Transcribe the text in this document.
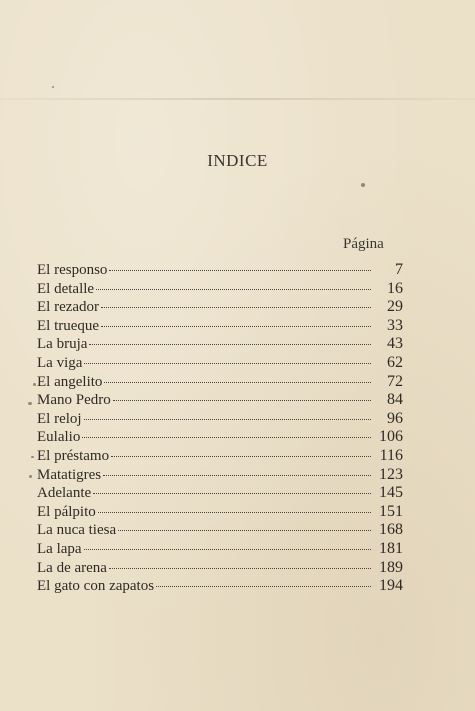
INDICE
Página
El responso	7
El detalle	16
El rezador	29
El trueque	33
La bruja	43
La viga	62
El angelito	72
Mano Pedro	84
El reloj	96
Eulalio	106
El préstamo	116
Matatigres	123
Adelante	145
El pálpito	151
La nuca tiesa	168
La lapa	181
La de arena	189
El gato con zapatos	194
